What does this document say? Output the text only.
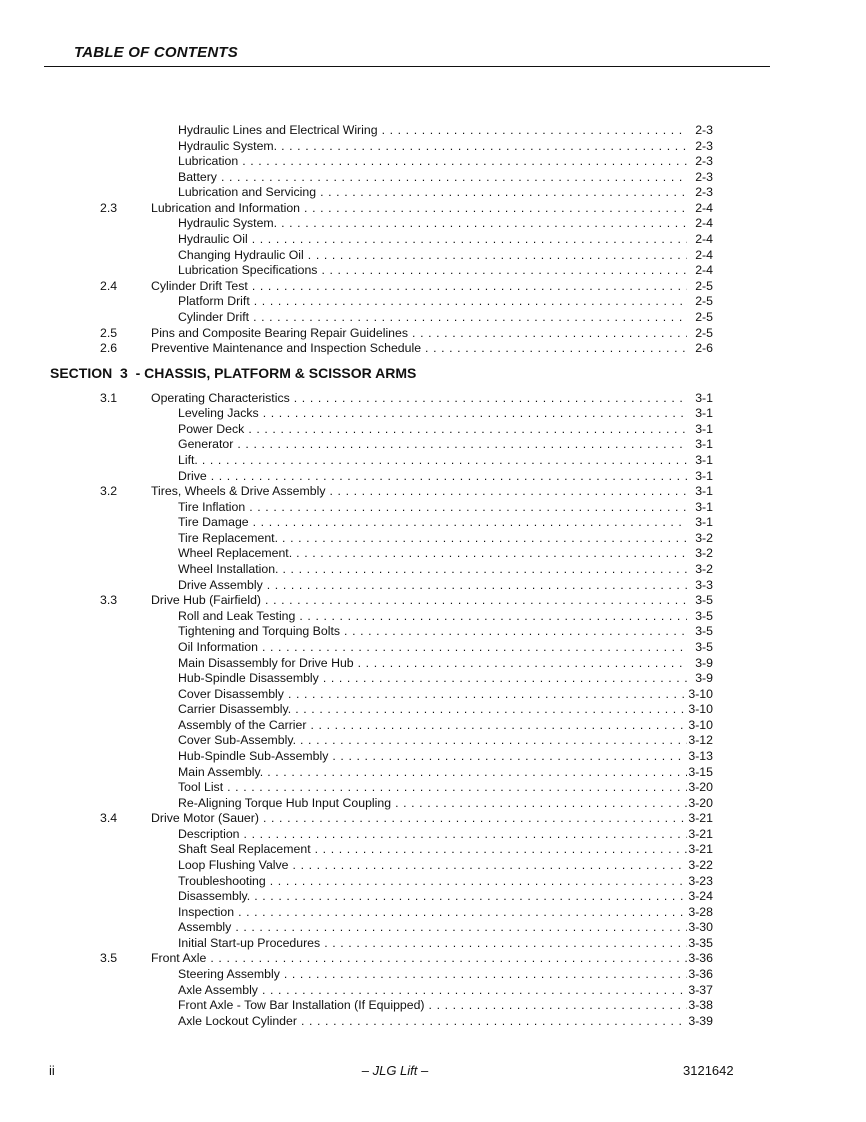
TABLE OF CONTENTS
Hydraulic Lines and Electrical Wiring . . .	2-3
Hydraulic System. . . .	2-3
Lubrication . . .	2-3
Battery . . .	2-3
Lubrication and Servicing . . .	2-3
2.3	Lubrication and Information . . .	2-4
Hydraulic System. . . .	2-4
Hydraulic Oil . . .	2-4
Changing Hydraulic Oil . . .	2-4
Lubrication Specifications . . .	2-4
2.4	Cylinder Drift Test . . .	2-5
Platform Drift . . .	2-5
Cylinder Drift . . .	2-5
2.5	Pins and Composite Bearing Repair Guidelines . . .	2-5
2.6	Preventive Maintenance and Inspection Schedule . . .	2-6
SECTION  3  - CHASSIS, PLATFORM & SCISSOR ARMS
3.1	Operating Characteristics . . .	3-1
Leveling Jacks . . .	3-1
Power Deck . . .	3-1
Generator . . .	3-1
Lift. . . .	3-1
Drive . . .	3-1
3.2	Tires, Wheels & Drive Assembly . . .	3-1
Tire Inflation . . .	3-1
Tire Damage . . .	3-1
Tire Replacement. . . .	3-2
Wheel Replacement. . . .	3-2
Wheel Installation. . . .	3-2
Drive Assembly . . .	3-3
3.3	Drive Hub (Fairfield) . . .	3-5
Roll and Leak Testing . . .	3-5
Tightening and Torquing Bolts . . .	3-5
Oil Information . . .	3-5
Main Disassembly for Drive Hub . . .	3-9
Hub-Spindle Disassembly . . .	3-9
Cover Disassembly . . .	3-10
Carrier Disassembly. . . .	3-10
Assembly of the Carrier . . .	3-10
Cover Sub-Assembly. . . .	3-12
Hub-Spindle Sub-Assembly . . .	3-13
Main Assembly. . . .	3-15
Tool List . . .	3-20
Re-Aligning Torque Hub Input Coupling . . .	3-20
3.4	Drive Motor (Sauer) . . .	3-21
Description . . .	3-21
Shaft Seal Replacement . . .	3-21
Loop Flushing Valve . . .	3-22
Troubleshooting . . .	3-23
Disassembly. . . .	3-24
Inspection . . .	3-28
Assembly . . .	3-30
Initial Start-up Procedures . . .	3-35
3.5	Front Axle . . .	3-36
Steering Assembly . . .	3-36
Axle Assembly . . .	3-37
Front Axle - Tow Bar Installation (If Equipped) . . .	3-38
Axle Lockout Cylinder . . .	3-39
ii	– JLG Lift –	3121642
